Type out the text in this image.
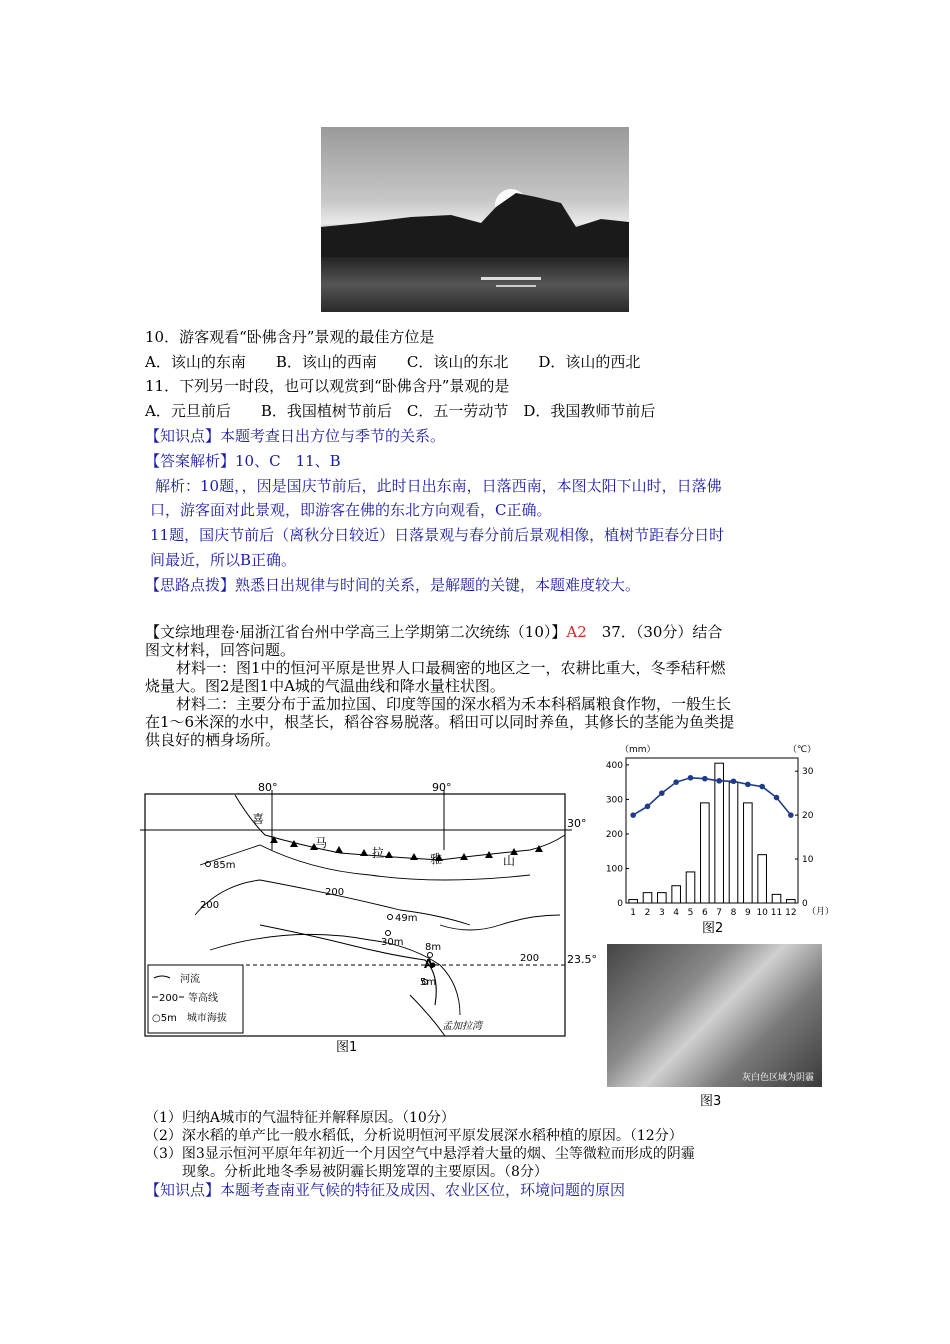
10．游客观看“卧佛含丹”景观的最佳方位是
A．该山的东南　　B．该山的西南　　C．该山的东北　　D．该山的西北
11．下列另一时段，也可以观赏到“卧佛含丹”景观的是
A．元旦前后　　B．我国植树节前后　C．五一劳动节　D．我国教师节前后
【知识点】本题考查日出方位与季节的关系。
【答案解析】10、C　11、B
解析：10题，，因是国庆节前后，此时日出东南，日落西南，本图太阳下山时，日落佛
口，游客面对此景观，即游客在佛的东北方向观看，C正确。
11题，国庆节前后（离秋分日较近）日落景观与春分前后景观相像，植树节距春分日时
间最近，所以B正确。
【思路点拨】熟悉日出规律与时间的关系，是解题的关键，本题难度较大。
【文综地理卷·届浙江省台州中学高三上学期第二次统练（10）】A2　37．（30分）结合
图文材料，回答问题。
材料一：图1中的恒河平原是世界人口最稠密的地区之一，农耕比重大，冬季秸秆燃
烧量大。图2是图1中A城的气温曲线和降水量柱状图。
材料二：主要分布于孟加拉国、印度等国的深水稻为禾本科稻属粮食作物，一般生长
在1～6米深的水中，根茎长，稻谷容易脱落。稻田可以同时养鱼，其修长的茎能为鱼类提
供良好的栖身场所。
80°	90°
30°
23.5°
喜
马
拉	雅	山
85m
200
200
200
49m
30m 8m
A
5m
孟加拉湾
河流
200 等高线
○5m　城市海拔
图1
（mm）	（℃）
0
100
200
300
400
0
10
20
30
1 2 3 4 5 6 7 8 9 10 11 12 （月）
图2
灰白色区域为阴霾
图3
（1）归纳A城市的气温特征并解释原因。（10分）
（2）深水稻的单产比一般水稻低，分析说明恒河平原发展深水稻种植的原因。（12分）
（3）图3显示恒河平原年年初近一个月因空气中悬浮着大量的烟、尘等微粒而形成的阴霾
现象。分析此地冬季易被阴霾长期笼罩的主要原因。（8分）
【知识点】本题考查南亚气候的特征及成因、农业区位，环境问题的原因
